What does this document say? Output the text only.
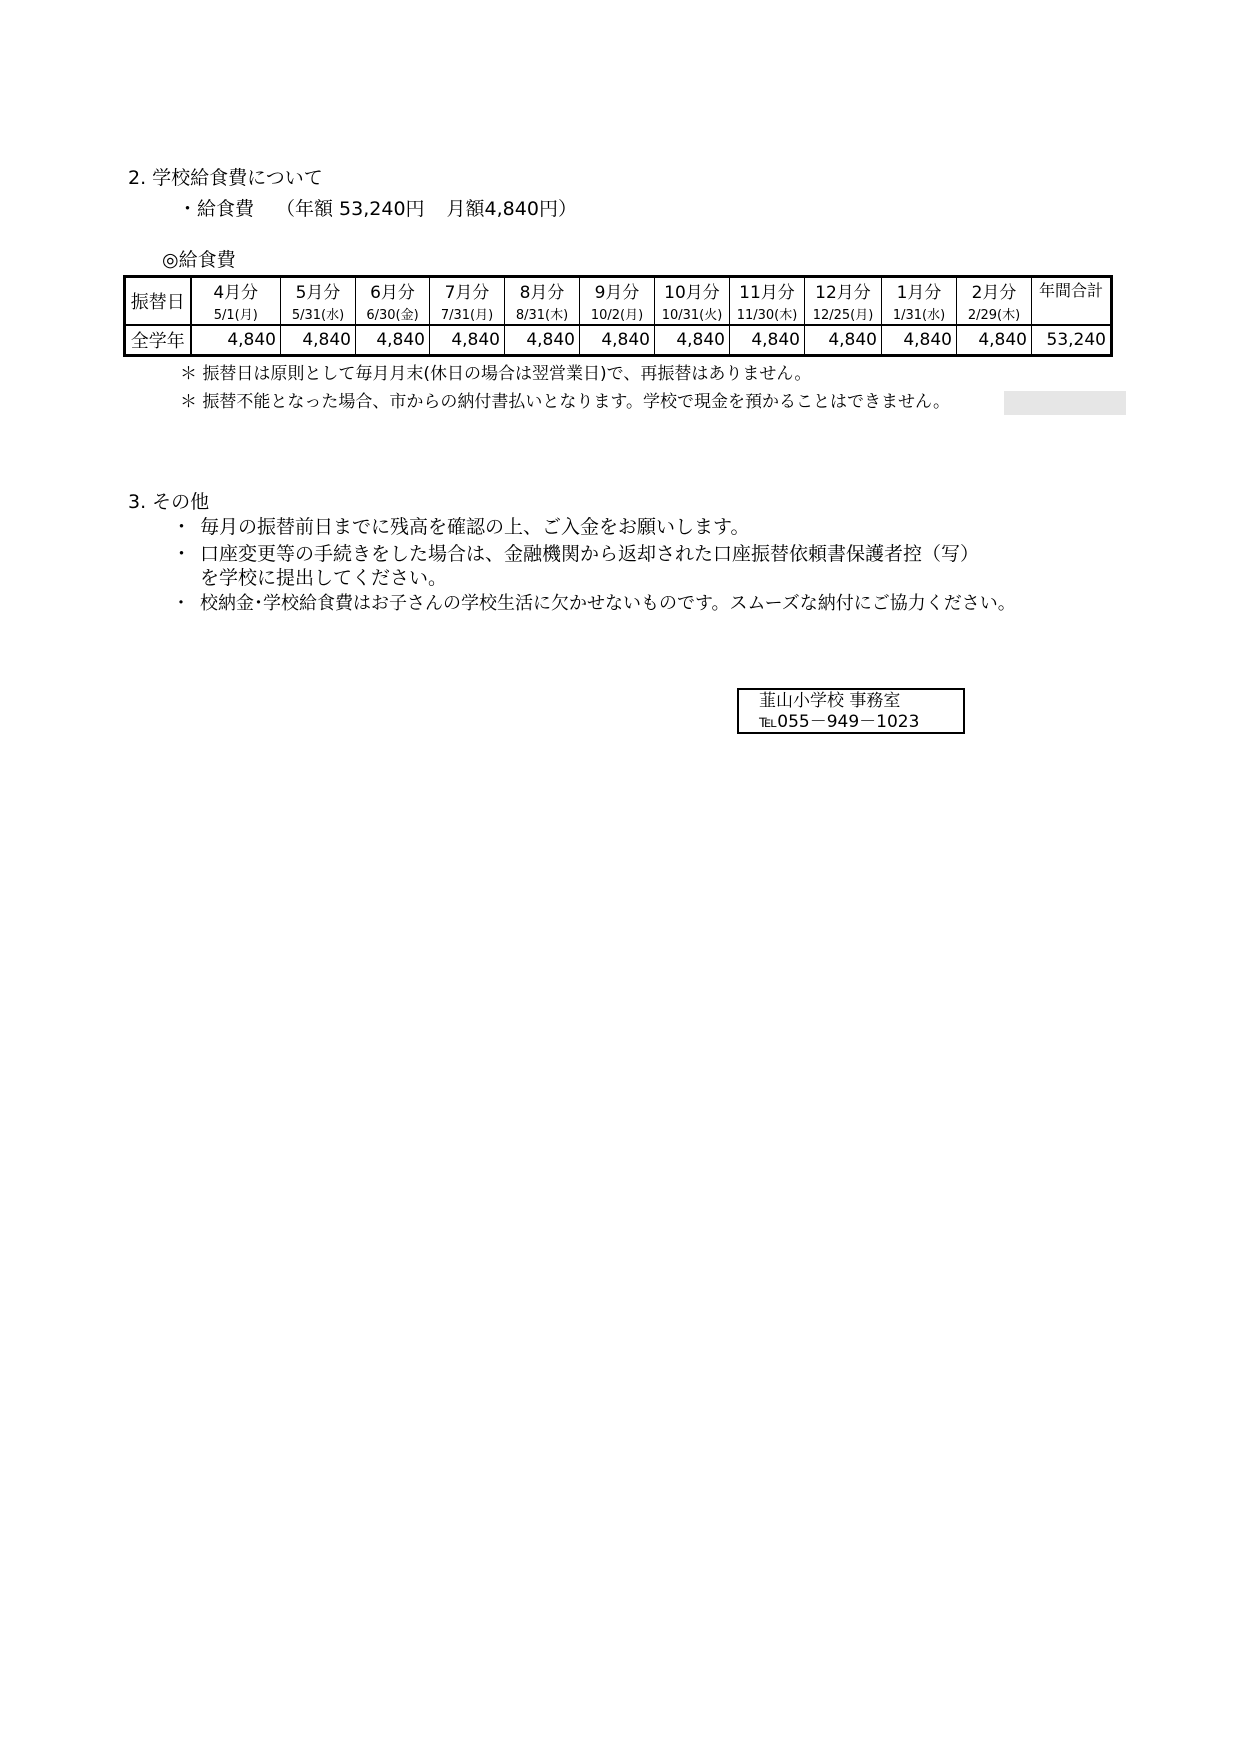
2. 学校給食費について
・給食費 （年額 53,240円 月額4,840円）
◎給食費
振替日	4月分	5月分	6月分	7月分	8月分	9月分	10月分	11月分	12月分	1月分	2月分	年間合計
	5/1(月)	5/31(水)	6/30(金)	7/31(月)	8/31(木)	10/2(月)	10/31(火)	11/30(木)	12/25(月)	1/31(水)	2/29(木)	
全学年	4,840	4,840	4,840	4,840	4,840	4,840	4,840	4,840	4,840	4,840	4,840	53,240
＊ 振替日は原則として毎月月末(休日の場合は翌営業日)で、再振替はありません。
＊ 振替不能となった場合、市からの納付書払いとなります。学校で現金を預かることはできません。
3. その他
・ 毎月の振替前日までに残高を確認の上、ご入金をお願いします。
・ 口座変更等の手続きをした場合は、金融機関から返却された口座振替依頼書保護者控（写）
を学校に提出してください。
・ 校納金･学校給食費はお子さんの学校生活に欠かせないものです。スムーズな納付にご協力ください。
韮山小学校 事務室
℡055－949－1023
